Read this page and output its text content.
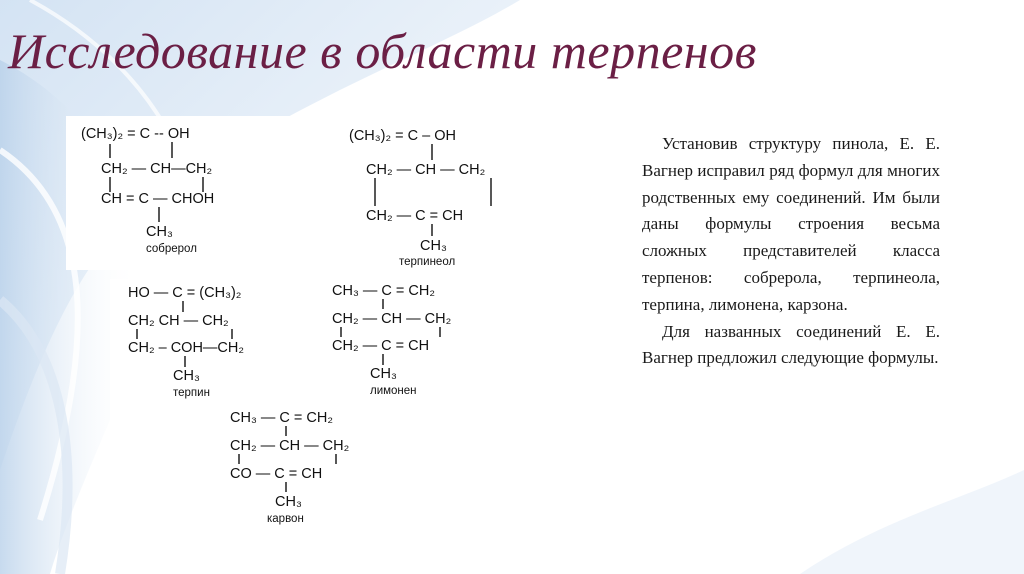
Исследование в области терпенов
(CH₃)₂ = C -- OH
CH₂ — CH—CH₂
CH = C — CHOH
CH₃
собрерол
(CH₃)₂ = C – OH
CH₂ — CH — CH₂
CH₂ — C = CH
CH₃
терпинеол
HO — C = (CH₃)₂
CH₂ CH — CH₂
CH₂ – COH—CH₂
CH₃
терпин
CH₃ — C = CH₂
CH₂ — CH — CH₂
CH₂ — C = CH
CH₃
лимонен
CH₃ — C = CH₂
CH₂ — CH — CH₂
CO — C = CH
CH₃
карвон

Установив структуру пинола, Е. Е. Вагнер исправил ряд формул для многих родственных ему соединений. Им были даны формулы строения весьма сложных представителей класса терпенов: собрерола, терпинеола, терпина, лимонена, карзона.

Для названных соединений Е. Е. Вагнер предложил следующие формулы.
